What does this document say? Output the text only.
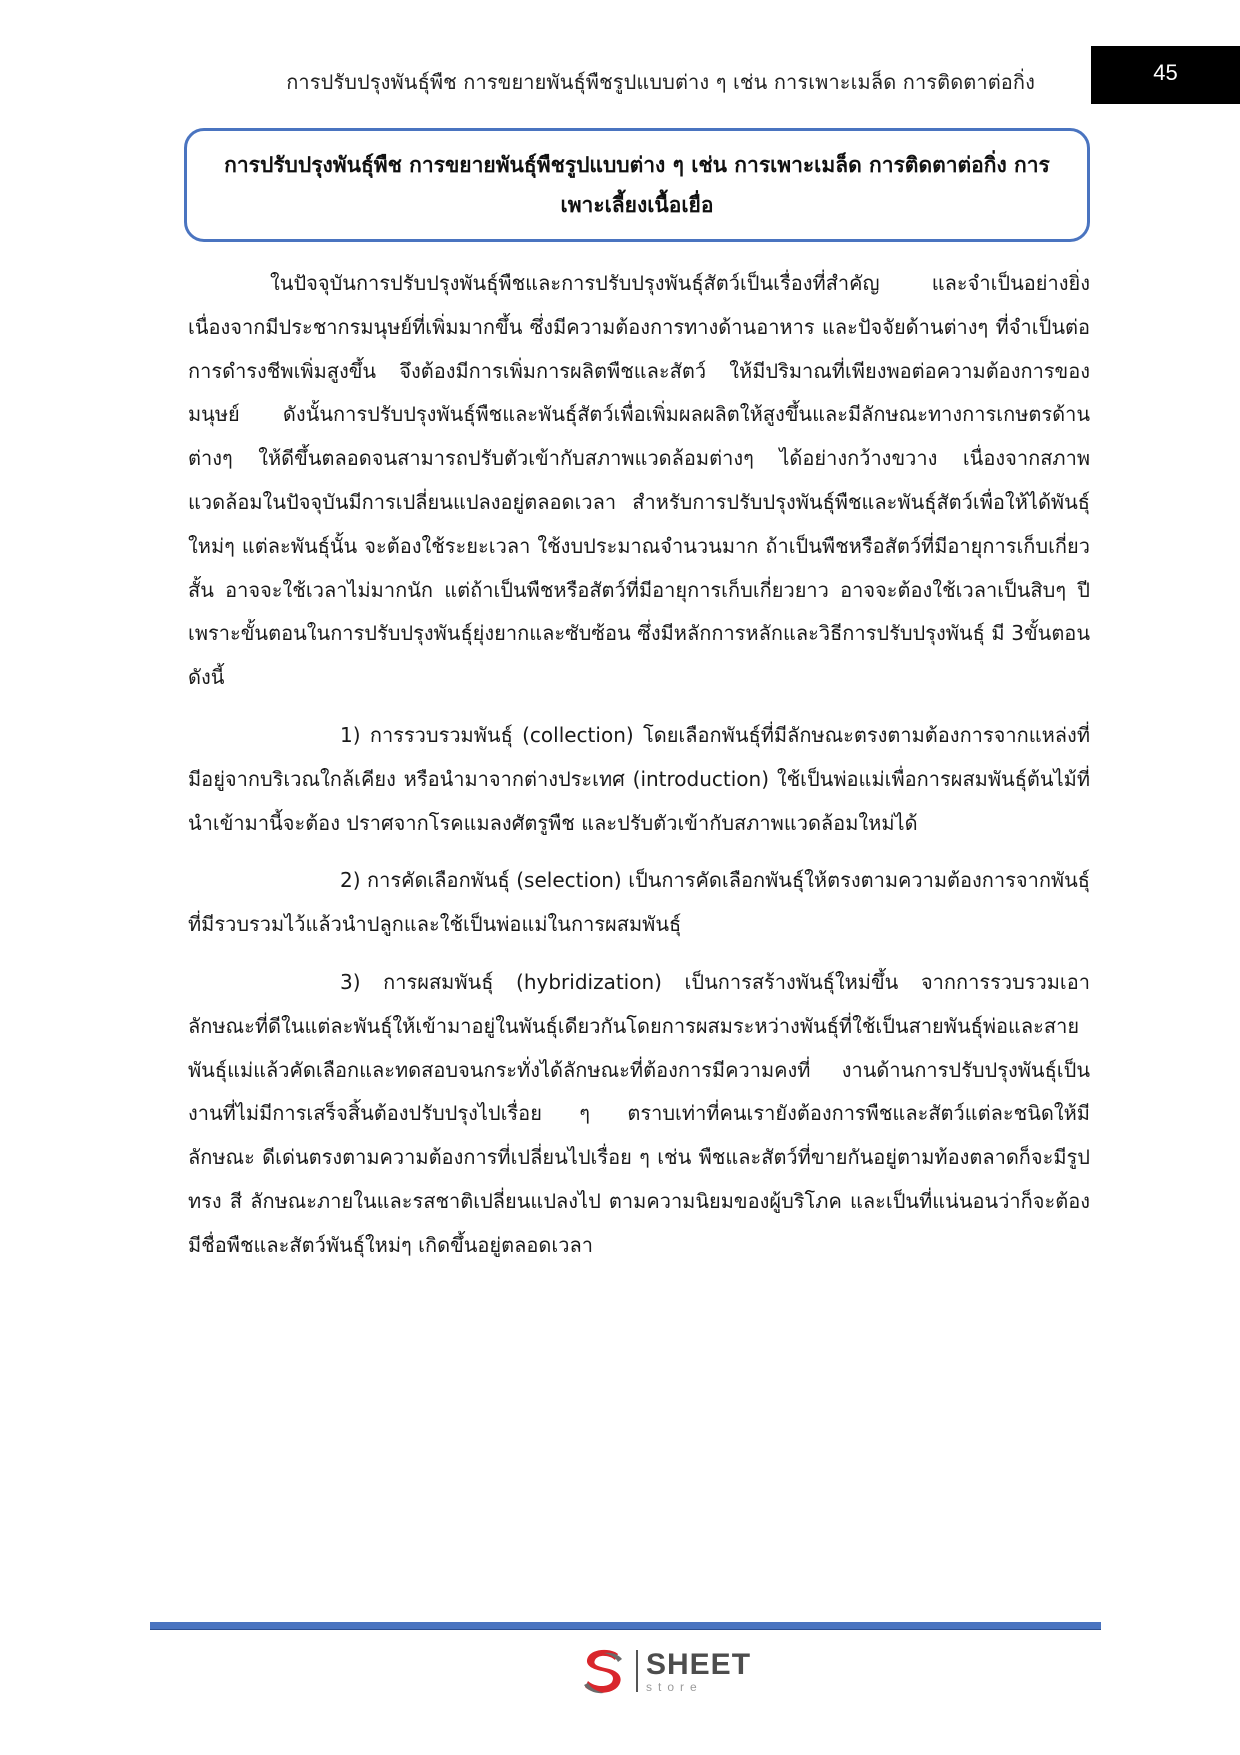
การปรับปรุงพันธุ์พืช การขยายพันธุ์พืชรูปแบบต่าง ๆ เช่น การเพาะเมล็ด การติดตาต่อกิ่ง	45
การปรับปรุงพันธุ์พืช การขยายพันธุ์พืชรูปแบบต่าง ๆ เช่น การเพาะเมล็ด การติดตาต่อกิ่ง การเพาะเลี้ยงเนื้อเยื่อ

ในปัจจุบันการปรับปรุงพันธุ์พืชและการปรับปรุงพันธุ์สัตว์เป็นเรื่องที่สำคัญ และจำเป็นอย่างยิ่ง เนื่องจากมีประชากรมนุษย์ที่เพิ่มมากขึ้น ซึ่งมีความต้องการทางด้านอาหาร และปัจจัยด้านต่างๆ ที่จำเป็นต่อการดำรงชีพเพิ่มสูงขึ้น จึงต้องมีการเพิ่มการผลิตพืชและสัตว์ ให้มีปริมาณที่เพียงพอต่อความต้องการของมนุษย์ ดังนั้นการปรับปรุงพันธุ์พืชและพันธุ์สัตว์เพื่อเพิ่มผลผลิตให้สูงขึ้นและมีลักษณะทางการเกษตรด้านต่างๆ ให้ดีขึ้นตลอดจนสามารถปรับตัวเข้ากับสภาพแวดล้อมต่างๆ ได้อย่างกว้างขวาง เนื่องจากสภาพแวดล้อมในปัจจุบันมีการเปลี่ยนแปลงอยู่ตลอดเวลา สำหรับการปรับปรุงพันธุ์พืชและพันธุ์สัตว์เพื่อให้ได้พันธุ์ใหม่ๆ แต่ละพันธุ์นั้น จะต้องใช้ระยะเวลา ใช้งบประมาณจำนวนมาก ถ้าเป็นพืชหรือสัตว์ที่มีอายุการเก็บเกี่ยวสั้น อาจจะใช้เวลาไม่มากนัก แต่ถ้าเป็นพืชหรือสัตว์ที่มีอายุการเก็บเกี่ยวยาว อาจจะต้องใช้เวลาเป็นสิบๆ ปี เพราะขั้นตอนในการปรับปรุงพันธุ์ยุ่งยากและซับซ้อน ซึ่งมีหลักการหลักและวิธีการปรับปรุงพันธุ์ มี 3ขั้นตอน ดังนี้

1) การรวบรวมพันธุ์ (collection) โดยเลือกพันธุ์ที่มีลักษณะตรงตามต้องการจากแหล่งที่มีอยู่จากบริเวณใกล้เคียง หรือนำมาจากต่างประเทศ (introduction) ใช้เป็นพ่อแม่เพื่อการผสมพันธุ์ต้นไม้ที่นำเข้ามานี้จะต้อง ปราศจากโรคแมลงศัตรูพืช และปรับตัวเข้ากับสภาพแวดล้อมใหม่ได้

2) การคัดเลือกพันธุ์ (selection) เป็นการคัดเลือกพันธุ์ให้ตรงตามความต้องการจากพันธุ์ที่มีรวบรวมไว้แล้วนำปลูกและใช้เป็นพ่อแม่ในการผสมพันธุ์

3) การผสมพันธุ์ (hybridization) เป็นการสร้างพันธุ์ใหม่ขึ้น จากการรวบรวมเอาลักษณะที่ดีในแต่ละพันธุ์ให้เข้ามาอยู่ในพันธุ์เดียวกันโดยการผสมระหว่างพันธุ์ที่ใช้เป็นสายพันธุ์พ่อและสายพันธุ์แม่แล้วคัดเลือกและทดสอบจนกระทั่งได้ลักษณะที่ต้องการมีความคงที่ งานด้านการปรับปรุงพันธุ์เป็นงานที่ไม่มีการเสร็จสิ้นต้องปรับปรุงไปเรื่อย ๆ ตราบเท่าที่คนเรายังต้องการพืชและสัตว์แต่ละชนิดให้มีลักษณะ ดีเด่นตรงตามความต้องการที่เปลี่ยนไปเรื่อย ๆ เช่น พืชและสัตว์ที่ขายกันอยู่ตามท้องตลาดก็จะมีรูปทรง สี ลักษณะภายในและรสชาติเปลี่ยนแปลงไป ตามความนิยมของผู้บริโภค และเป็นที่แน่นอนว่าก็จะต้องมีชื่อพืชและสัตว์พันธุ์ใหม่ๆ เกิดขึ้นอยู่ตลอดเวลา

SHEET
store
